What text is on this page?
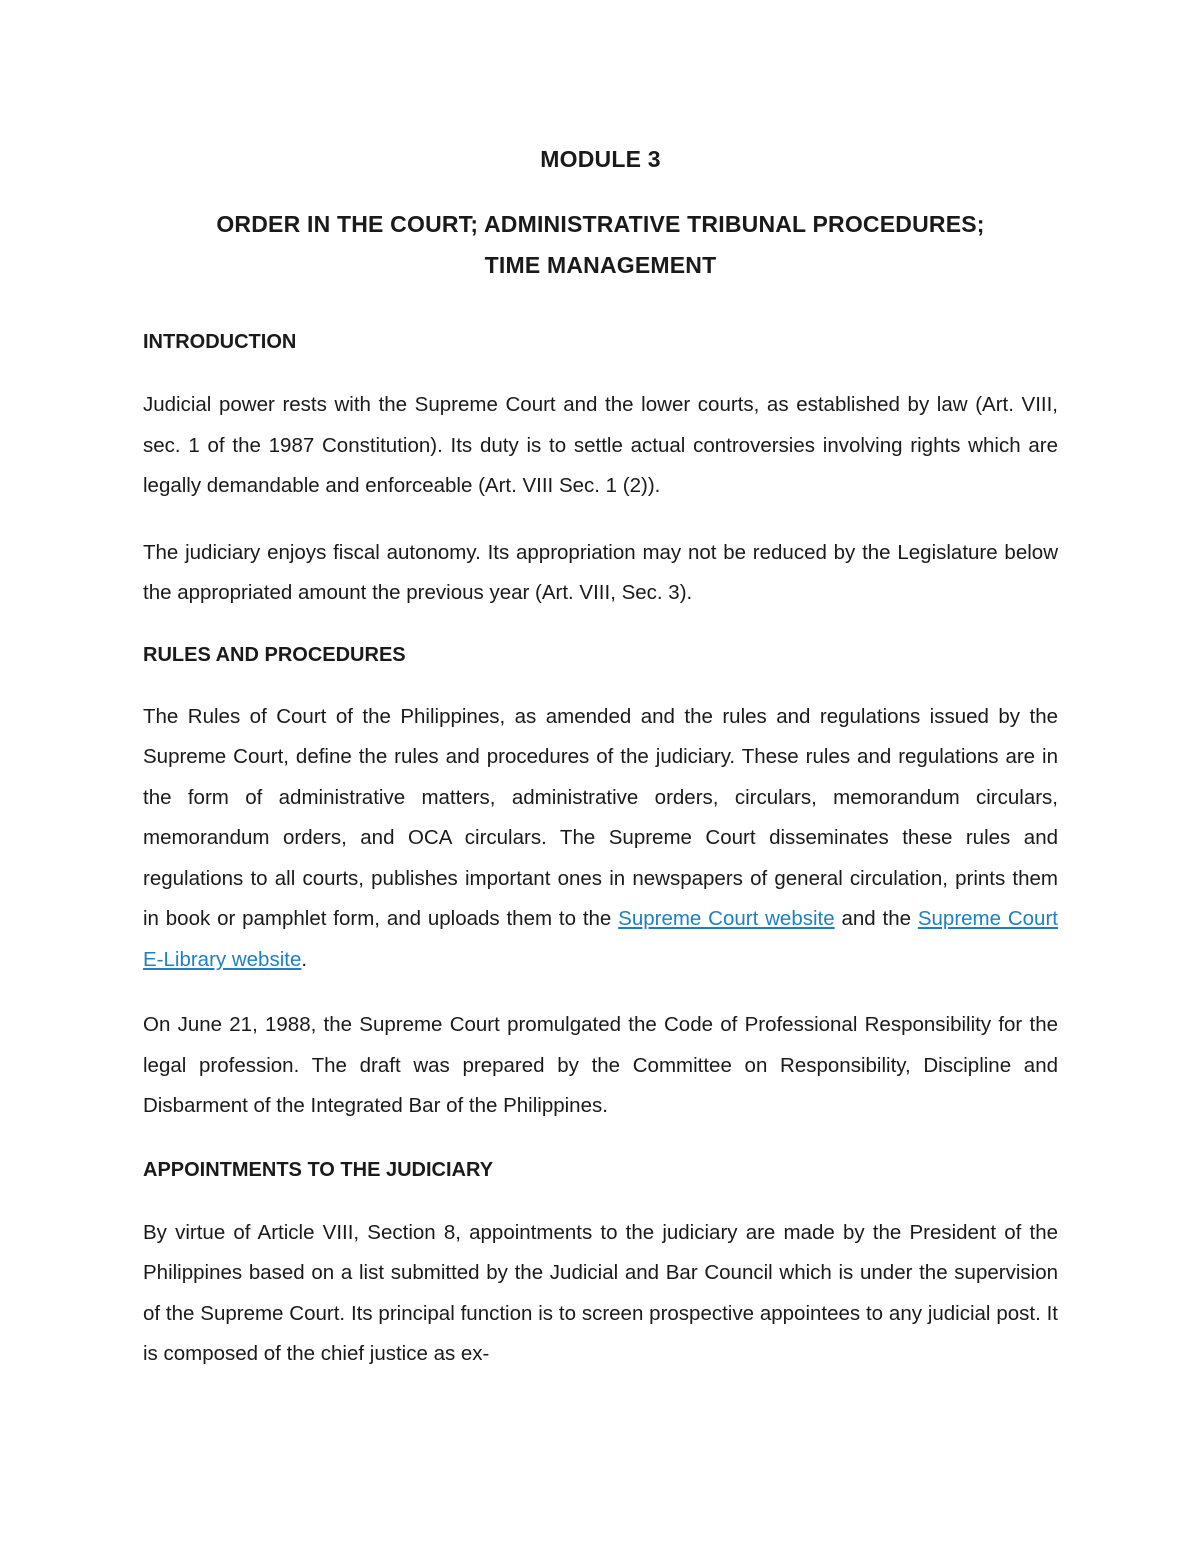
MODULE 3
ORDER IN THE COURT; ADMINISTRATIVE TRIBUNAL PROCEDURES;
TIME MANAGEMENT
INTRODUCTION

Judicial power rests with the Supreme Court and the lower courts, as established by law (Art. VIII, sec. 1 of the 1987 Constitution). Its duty is to settle actual controversies involving rights which are legally demandable and enforceable (Art. VIII Sec. 1 (2)).

The judiciary enjoys fiscal autonomy. Its appropriation may not be reduced by the Legislature below the appropriated amount the previous year (Art. VIII, Sec. 3).

RULES AND PROCEDURES

The Rules of Court of the Philippines, as amended and the rules and regulations issued by the Supreme Court, define the rules and procedures of the judiciary. These rules and regulations are in the form of administrative matters, administrative orders, circulars, memorandum circulars, memorandum orders, and OCA circulars. The Supreme Court disseminates these rules and regulations to all courts, publishes important ones in newspapers of general circulation, prints them in book or pamphlet form, and uploads them to the Supreme Court website and the Supreme Court E-Library website.

On June 21, 1988, the Supreme Court promulgated the Code of Professional Responsibility for the legal profession. The draft was prepared by the Committee on Responsibility, Discipline and Disbarment of the Integrated Bar of the Philippines.

APPOINTMENTS TO THE JUDICIARY

By virtue of Article VIII, Section 8, appointments to the judiciary are made by the President of the Philippines based on a list submitted by the Judicial and Bar Council which is under the supervision of the Supreme Court. Its principal function is to screen prospective appointees to any judicial post. It is composed of the chief justice as ex-
